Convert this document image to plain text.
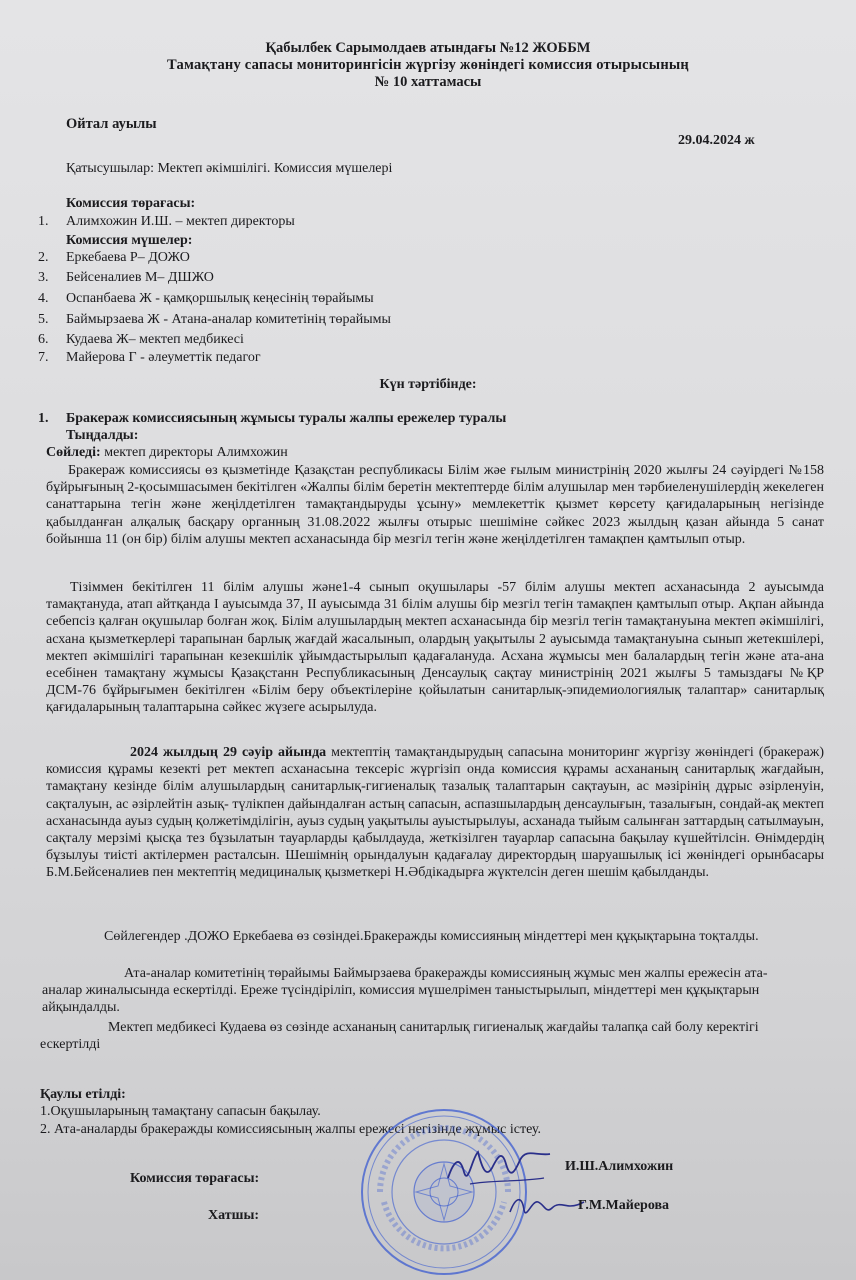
Қабылбек Сарымолдаев атындағы №12 ЖОББМ
Тамақтану сапасы мониторингісін жүргізу жөніндегі комиссия отырысының
№ 10 хаттамасы
Ойтал ауылы
29.04.2024 ж
Қатысушылар: Мектеп әкімшілігі. Комиссия мүшелері
Комиссия төрағасы:
1. Алимхожин И.Ш. – мектеп директоры
Комиссия мүшелер:
2. Еркебаева Р– ДОЖО
3. Бейсеналиев М– ДШЖО
4. Оспанбаева Ж - қамқоршылық кеңесінің төрайымы
5. Баймырзаева Ж - Атана-аналар комитетінің төрайымы
6. Кудаева Ж– мектеп медбикесі
7. Майерова Г - әлеуметтік педагог
Күн тәртібінде:
1. Бракераж комиссиясының жұмысы туралы жалпы ережелер туралы
Тыңдалды:
Сөйледі: мектеп директоры Алимхожин
Бракераж комиссиясы өз қызметінде Қазақстан республикасы Білім жәе ғылым министрінің 2020 жылғы 24 сәуірдегі №158 бұйрығының 2-қосымшасымен бекітілген «Жалпы білім беретін мектептерде білім алушылар мен тәрбиеленушілердің жекелеген санаттарына тегін және жеңілдетілген тамақтандыруды ұсыну» мемлекеттік қызмет көрсету қағидаларының негізінде қабылданған алқалық басқару органның 31.08.2022 жылғы отырыс шешіміне сәйкес 2023 жылдың қазан айында 5 санат бойынша 11 (он бір) білім алушы мектеп асханасында бір мезгіл тегін және жеңілдетілген тамақпен қамтылып отыр.
Тізіммен бекітілген 11 білім алушы және1-4 сынып оқушылары -57 білім алушы мектеп асханасында 2 ауысымда тамақтануда, атап айтқанда І ауысымда 37, ІІ ауысымда 31 білім алушы бір мезгіл тегін тамақпен қамтылып отыр. Ақпан айында себепсіз қалған оқушылар болған жоқ. Білім алушылардың мектеп асханасында бір мезгіл тегін тамақтануына мектеп әкімшілігі, асхана қызметкерлері тарапынан барлық жағдай жасалынып, олардың уақытылы 2 ауысымда тамақтануына сынып жетекшілері, мектеп әкімшілігі тарапынан кезекшілік ұйымдастырылып қадағалануда. Асхана жұмысы мен балалардың тегін және ата-ана есебінен тамақтану жұмысы Қазақстанн Республикасының Денсаулық сақтау министрінің 2021 жылғы 5 тамыздағы №ҚР ДСМ-76 бұйрығымен бекітілген «Білім беру объектілеріне қойылатын санитарлық-эпидемиологиялық талаптар» санитарлық қағидаларының талаптарына сәйкес жүзеге асырылуда.
2024 жылдың 29 сәуір айында мектептің тамақтандырудың сапасына мониторинг жүргізу жөніндегі (бракераж) комиссия құрамы кезекті рет мектеп асханасына тексеріс жүргізіп онда комиссия құрамы асхананың санитарлық жағдайын, тамақтану кезінде білім алушылардың санитарлық-гигиеналық тазалық талаптарын сақтауын, ас мәзірінің дұрыс әзірленуін, сақталуын, ас әзірлейтін азық- түлікпен дайындалған астың сапасын, аспазшылардың денсаулығын, тазалығын, сондай-ақ мектеп асханасында ауыз судың қолжетімділігін, ауыз судың уақытылы ауыстырылуы, асханада тыйым салынған заттардың сатылмауын, сақталу мерзімі қысқа тез бұзылатын тауарларды қабылдауда, жеткізілген тауарлар сапасына бақылау күшейтілсін. Өнімдердің бұзылуы тиісті актілермен расталсын. Шешімнің орындалуын қадағалау директордың шаруашылық ісі жөніндегі орынбасары Б.М.Бейсеналиев пен мектептің медициналық қызметкері Н.Әбдікадырға жүктелсін деген шешім қабылданды.
Сөйлегендер .ДОЖО Еркебаева өз сөзіндеі.Бракеражды комиссияның міндеттері мен құқықтарына тоқталды.
Ата-аналар комитетінің төрайымы Баймырзаева бракеражды комиссияның жұмыс мен жалпы ережесін ата-аналар жиналысында ескертілді. Ереже түсіндіріліп, комиссия мүшелрімен таныстырылып, міндеттері мен құқықтарын айқындалды.
Мектеп медбикесі Кудаева өз сөзінде асхананың санитарлық гигиеналық жағдайы талапқа сай болу керектігі ескертілді
Қаулы етілді:
1.Оқушыларының тамақтану сапасын бақылау.
2. Ата-аналарды бракеражды комиссиясының жалпы ережесі негізінде жұмыс істеу.
Комиссия төрағасы:
И.Ш.Алимхожин
Хатшы:
Г.М.Майерова
